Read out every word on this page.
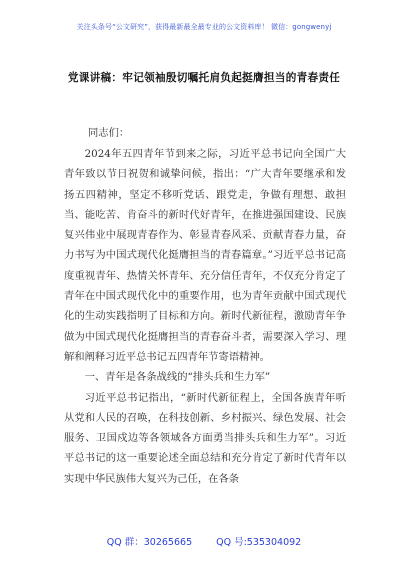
关注头条号“公文研究”，获得最新最全最专业的公文资料库！ 微信：gongwenyj
党课讲稿：牢记领袖殷切嘱托肩负起挺膺担当的青春责任
同志们：

2024年五四青年节到来之际，习近平总书记向全国广大青年致以节日祝贺和诚挚问候，指出：“广大青年要继承和发扬五四精神，坚定不移听党话、跟党走，争做有理想、敢担当、能吃苦、肯奋斗的新时代好青年，在推进强国建设、民族复兴伟业中展现青春作为、彰显青春风采、贡献青春力量，奋力书写为中国式现代化挺膺担当的青春篇章。”习近平总书记高度重视青年、热情关怀青年、充分信任青年，不仅充分肯定了青年在中国式现代化中的重要作用，也为青年贡献中国式现代化的生动实践指明了目标和方向。新时代新征程，激励青年争做为中国式现代化挺膺担当的青春奋斗者，需要深入学习、理解和阐释习近平总书记五四青年节寄语精神。

一、青年是各条战线的“排头兵和生力军”

习近平总书记指出，“新时代新征程上，全国各族青年听从党和人民的召唤，在科技创新、乡村振兴、绿色发展、社会服务、卫国戍边等各领域各方面勇当排头兵和生力军”。习近平总书记的这一重要论述全面总结和充分肯定了新时代青年以实现中华民族伟大复兴为己任，在各条

QQ 群：30265665	QQ 号:535304092
